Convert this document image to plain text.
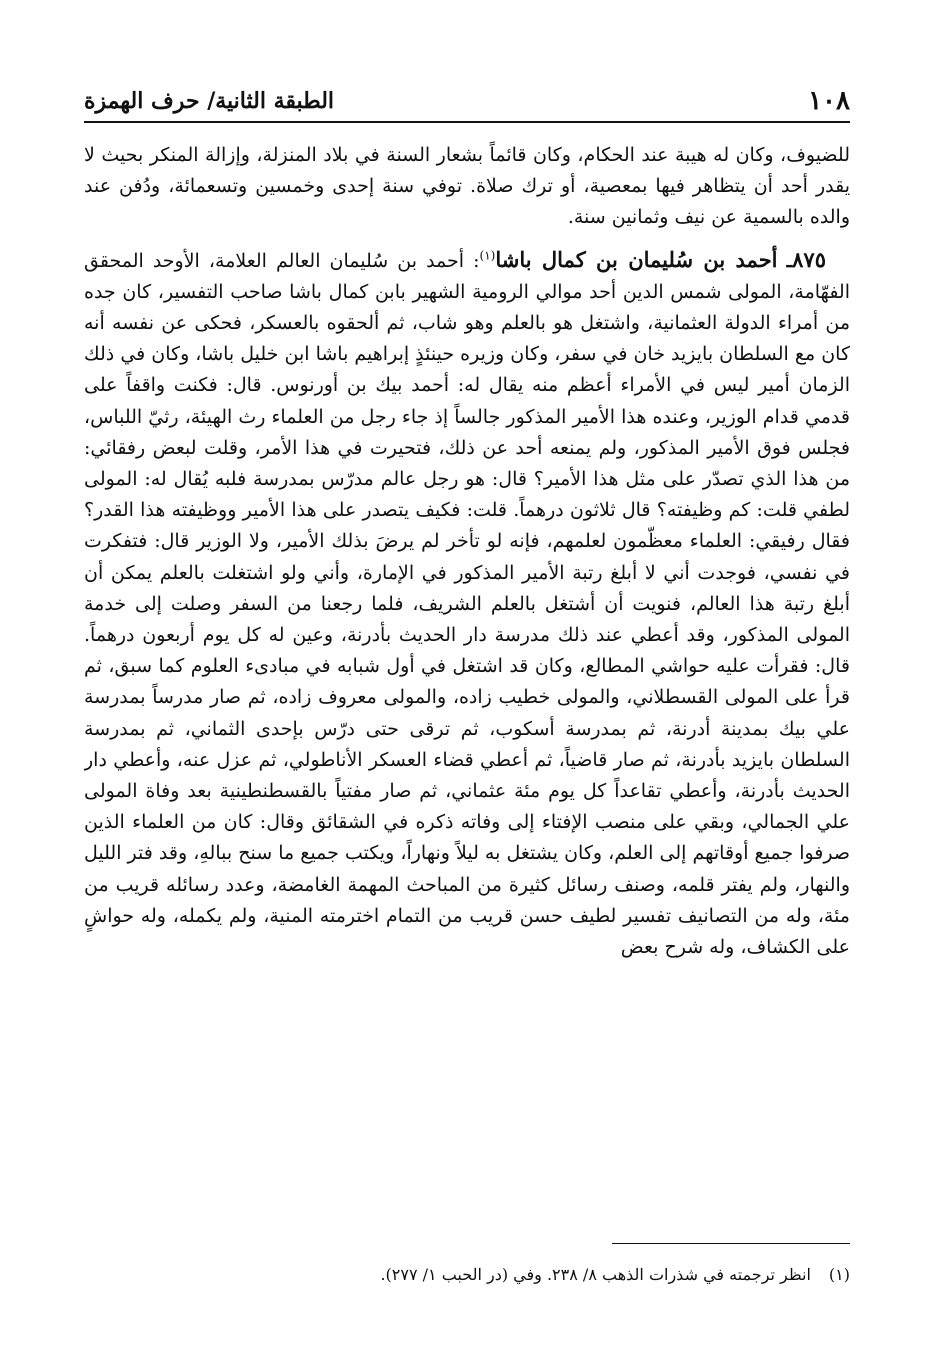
١٠٨
الطبقة الثانية/ حرف الهمزة

للضيوف، وكان له هيبة عند الحكام، وكان قائماً بشعار السنة في بلاد المنزلة، وإزالة المنكر بحيث لا يقدر أحد أن يتظاهر فيها بمعصية، أو ترك صلاة. توفي سنة إحدى وخمسين وتسعمائة، ودُفن عند والده بالسمية عن نيف وثمانين سنة.

٨٧٥ـ أحمد بن سُليمان بن كمال باشا$^{(١)}$: أحمد بن سُليمان العالم العلامة، الأوحد المحقق الفهّامة، المولى شمس الدين أحد موالي الرومية الشهير بابن كمال باشا صاحب التفسير، كان جده من أمراء الدولة العثمانية، واشتغل هو بالعلم وهو شاب، ثم ألحقوه بالعسكر، فحكى عن نفسه أنه كان مع السلطان بايزيد خان في سفر، وكان وزيره حينئذٍ إبراهيم باشا ابن خليل باشا، وكان في ذلك الزمان أمير ليس في الأمراء أعظم منه يقال له: أحمد بيك بن أورنوس. قال: فكنت واقفاً على قدمي قدام الوزير، وعنده هذا الأمير المذكور جالساً إذ جاء رجل من العلماء رث الهيئة، رثيّ اللباس، فجلس فوق الأمير المذكور، ولم يمنعه أحد عن ذلك، فتحيرت في هذا الأمر، وقلت لبعض رفقائي: من هذا الذي تصدّر على مثل هذا الأمير؟ قال: هو رجل عالم مدرّس بمدرسة فلبه يُقال له: المولى لطفي قلت: كم وظيفته؟ قال ثلاثون درهماً. قلت: فكيف يتصدر على هذا الأمير ووظيفته هذا القدر؟ فقال رفيقي: العلماء معظّمون لعلمهم، فإنه لو تأخر لم يرضَ بذلك الأمير، ولا الوزير قال: فتفكرت في نفسي، فوجدت أني لا أبلغ رتبة الأمير المذكور في الإمارة، وأني ولو اشتغلت بالعلم يمكن أن أبلغ رتبة هذا العالم، فنويت أن أشتغل بالعلم الشريف، فلما رجعنا من السفر وصلت إلى خدمة المولى المذكور، وقد أعطي عند ذلك مدرسة دار الحديث بأدرنة، وعين له كل يوم أربعون درهماً. قال: فقرأت عليه حواشي المطالع، وكان قد اشتغل في أول شبابه في مبادىء العلوم كما سبق، ثم قرأ على المولى القسطلاني، والمولى خطيب زاده، والمولى معروف زاده، ثم صار مدرساً بمدرسة علي بيك بمدينة أدرنة، ثم بمدرسة أسكوب، ثم ترقى حتى درّس بإحدى الثماني، ثم بمدرسة السلطان بايزيد بأدرنة، ثم صار قاضياً، ثم أعطي قضاء العسكر الأناطولي، ثم عزل عنه، وأعطي دار الحديث بأدرنة، وأعطي تقاعداً كل يوم مئة عثماني، ثم صار مفتياً بالقسطنطينية بعد وفاة المولى علي الجمالي، وبقي على منصب الإفتاء إلى وفاته ذكره في الشقائق وقال: كان من العلماء الذين صرفوا جميع أوقاتهم إلى العلم، وكان يشتغل به ليلاً ونهاراً، ويكتب جميع ما سنح ببالهِ، وقد فتر الليل والنهار، ولم يفتر قلمه، وصنف رسائل كثيرة من المباحث المهمة الغامضة، وعدد رسائله قريب من مئة، وله من التصانيف تفسير لطيف حسن قريب من التمام اخترمته المنية، ولم يكمله، وله حواشٍ على الكشاف، وله شرح بعض

(١)
انظر ترجمته في شذرات الذهب ٨/ ٢٣٨. وفي (در الحبب ١/ ٢٧٧).
